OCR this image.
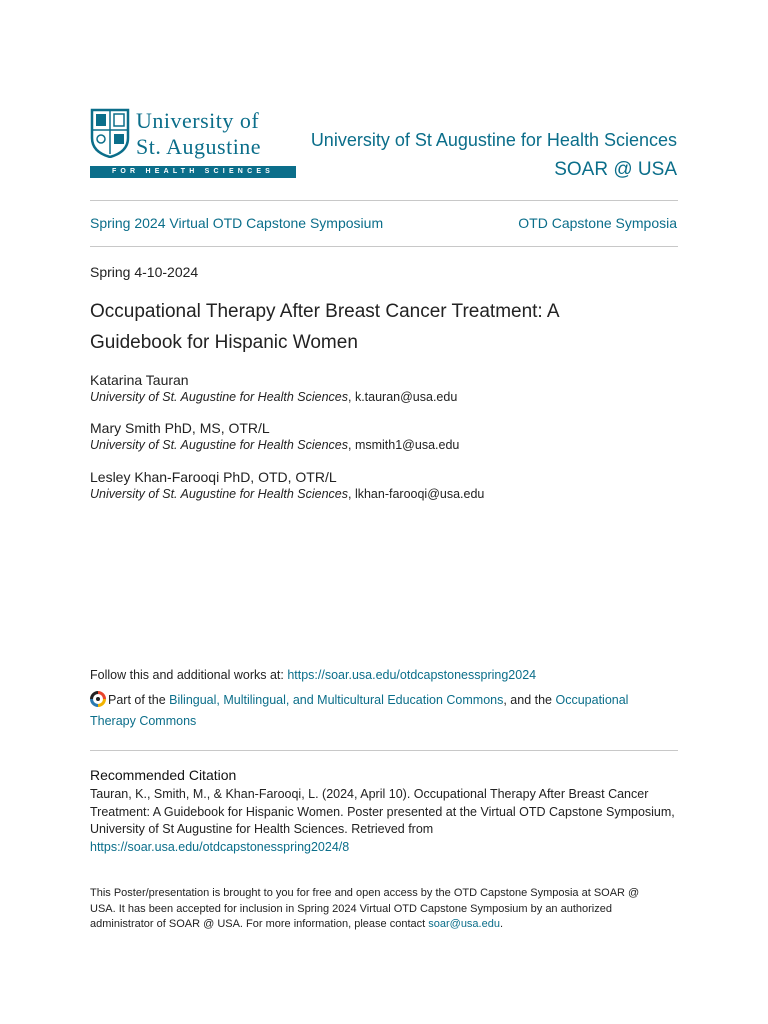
University of
St. Augustine
FOR HEALTH SCIENCES
University of St Augustine for Health Sciences
SOAR @ USA
Spring 2024 Virtual OTD Capstone Symposium	OTD Capstone Symposia
Spring 4-10-2024
Occupational Therapy After Breast Cancer Treatment: A Guidebook for Hispanic Women
Katarina Tauran
University of St. Augustine for Health Sciences, k.tauran@usa.edu
Mary Smith PhD, MS, OTR/L
University of St. Augustine for Health Sciences, msmith1@usa.edu
Lesley Khan-Farooqi PhD, OTD, OTR/L
University of St. Augustine for Health Sciences, lkhan-farooqi@usa.edu
Follow this and additional works at: https://soar.usa.edu/otdcapstonesspring2024
Part of the Bilingual, Multilingual, and Multicultural Education Commons, and the Occupational Therapy Commons
Recommended Citation
Tauran, K., Smith, M., & Khan-Farooqi, L. (2024, April 10). Occupational Therapy After Breast Cancer Treatment: A Guidebook for Hispanic Women. Poster presented at the Virtual OTD Capstone Symposium, University of St Augustine for Health Sciences. Retrieved from https://soar.usa.edu/otdcapstonesspring2024/8
This Poster/presentation is brought to you for free and open access by the OTD Capstone Symposia at SOAR @ USA. It has been accepted for inclusion in Spring 2024 Virtual OTD Capstone Symposium by an authorized administrator of SOAR @ USA. For more information, please contact soar@usa.edu.
